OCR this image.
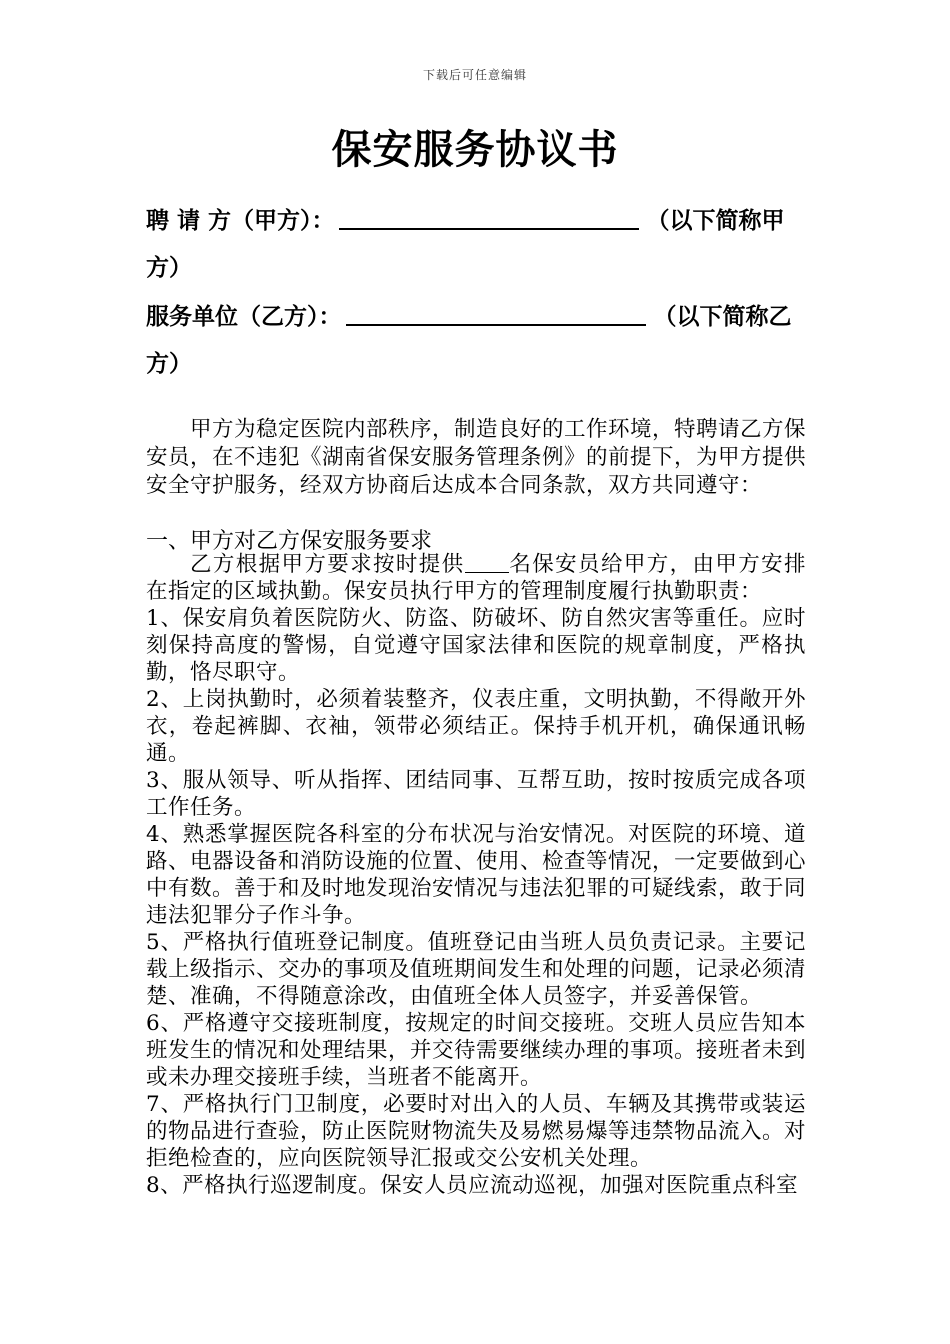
下载后可任意编辑
保安服务协议书
聘 请 方（甲方）：	（以下简称甲
方）
服务单位（乙方）：	（以下简称乙
方）
甲方为稳定医院内部秩序，制造良好的工作环境，特聘请乙方保安员，在不违犯《湖南省保安服务管理条例》的前提下，为甲方提供安全守护服务，经双方协商后达成本合同条款，双方共同遵守：
一、甲方对乙方保安服务要求

乙方根据甲方要求按时提供 名保安员给甲方，由甲方安排在指定的区域执勤。保安员执行甲方的管理制度履行执勤职责：

1、保安肩负着医院防火、防盗、防破坏、防自然灾害等重任。应时刻保持高度的警惕，自觉遵守国家法律和医院的规章制度，严格执勤，恪尽职守。

2、上岗执勤时，必须着装整齐，仪表庄重，文明执勤，不得敞开外衣，卷起裤脚、衣袖，领带必须结正。保持手机开机，确保通讯畅通。

3、服从领导、听从指挥、团结同事、互帮互助，按时按质完成各项工作任务。

4、熟悉掌握医院各科室的分布状况与治安情况。对医院的环境、道路、电器设备和消防设施的位置、使用、检查等情况，一定要做到心中有数。善于和及时地发现治安情况与违法犯罪的可疑线索，敢于同违法犯罪分子作斗争。

5、严格执行值班登记制度。值班登记由当班人员负责记录。主要记载上级指示、交办的事项及值班期间发生和处理的问题，记录必须清楚、准确，不得随意涂改，由值班全体人员签字，并妥善保管。

6、严格遵守交接班制度，按规定的时间交接班。交班人员应告知本班发生的情况和处理结果，并交待需要继续办理的事项。接班者未到或未办理交接班手续，当班者不能离开。

7、严格执行门卫制度，必要时对出入的人员、车辆及其携带或装运的物品进行查验，防止医院财物流失及易燃易爆等违禁物品流入。对拒绝检查的，应向医院领导汇报或交公安机关处理。

8、严格执行巡逻制度。保安人员应流动巡视，加强对医院重点科室
